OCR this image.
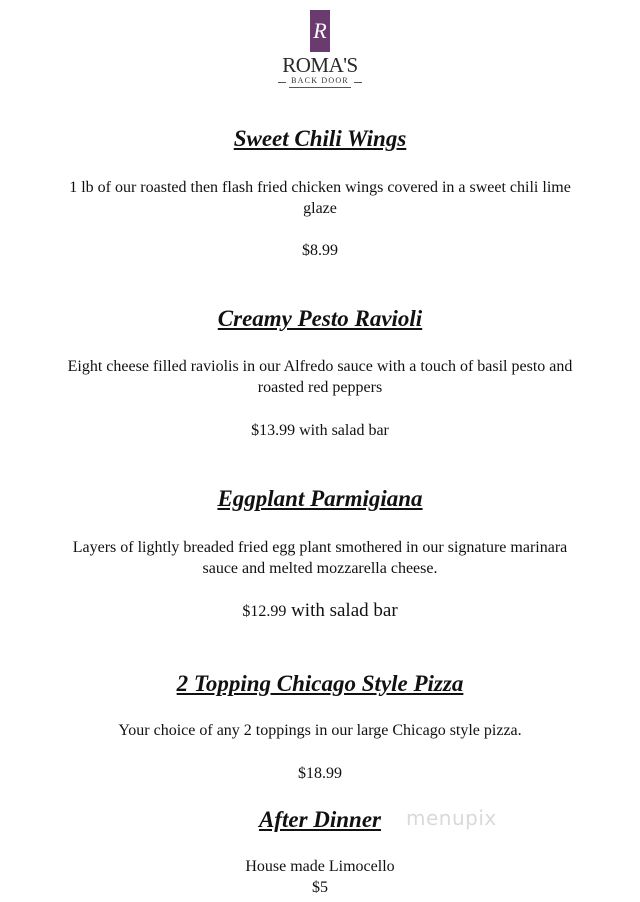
R
ROMA'S
BACK DOOR
Sweet Chili Wings

1 lb of our roasted then flash fried chicken wings covered in a sweet chili lime glaze

$8.99

Creamy Pesto Ravioli

Eight cheese filled raviolis in our Alfredo sauce with a touch of basil pesto and roasted red peppers

$13.99 with salad bar

Eggplant Parmigiana

Layers of lightly breaded fried egg plant smothered in our signature marinara sauce and melted mozzarella cheese.

$12.99 with salad bar

2 Topping Chicago Style Pizza

Your choice of any 2 toppings in our large Chicago style pizza.

$18.99

After Dinner

House made Limocello

$5

menupix
